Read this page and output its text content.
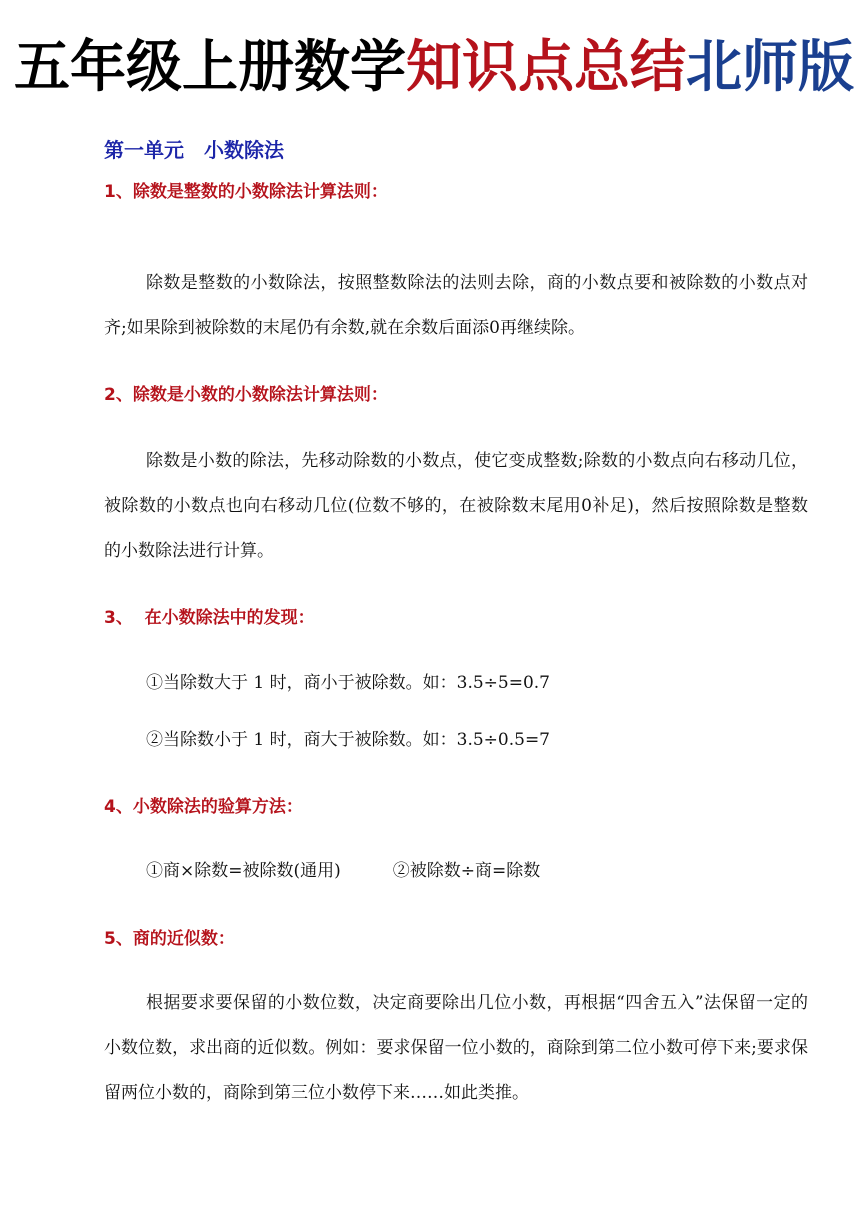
五年级上册数学知识点总结北师版
第一单元　小数除法
1、除数是整数的小数除法计算法则：
除数是整数的小数除法，按照整数除法的法则去除，商的小数点要和被除数的小数点对齐;如果除到被除数的末尾仍有余数,就在余数后面添0再继续除。
2、除数是小数的小数除法计算法则：
除数是小数的除法，先移动除数的小数点，使它变成整数;除数的小数点向右移动几位，被除数的小数点也向右移动几位(位数不够的，在被除数末尾用0补足)，然后按照除数是整数的小数除法进行计算。
3、  在小数除法中的发现：
①当除数大于 1 时，商小于被除数。如：3.5÷5=0.7
②当除数小于 1 时，商大于被除数。如：3.5÷0.5=7
4、小数除法的验算方法：
①商×除数=被除数(通用)	②被除数÷商=除数
5、商的近似数：
根据要求要保留的小数位数，决定商要除出几位小数，再根据“四舍五入”法保留一定的小数位数，求出商的近似数。例如：要求保留一位小数的，商除到第二位小数可停下来;要求保留两位小数的，商除到第三位小数停下来……如此类推。
